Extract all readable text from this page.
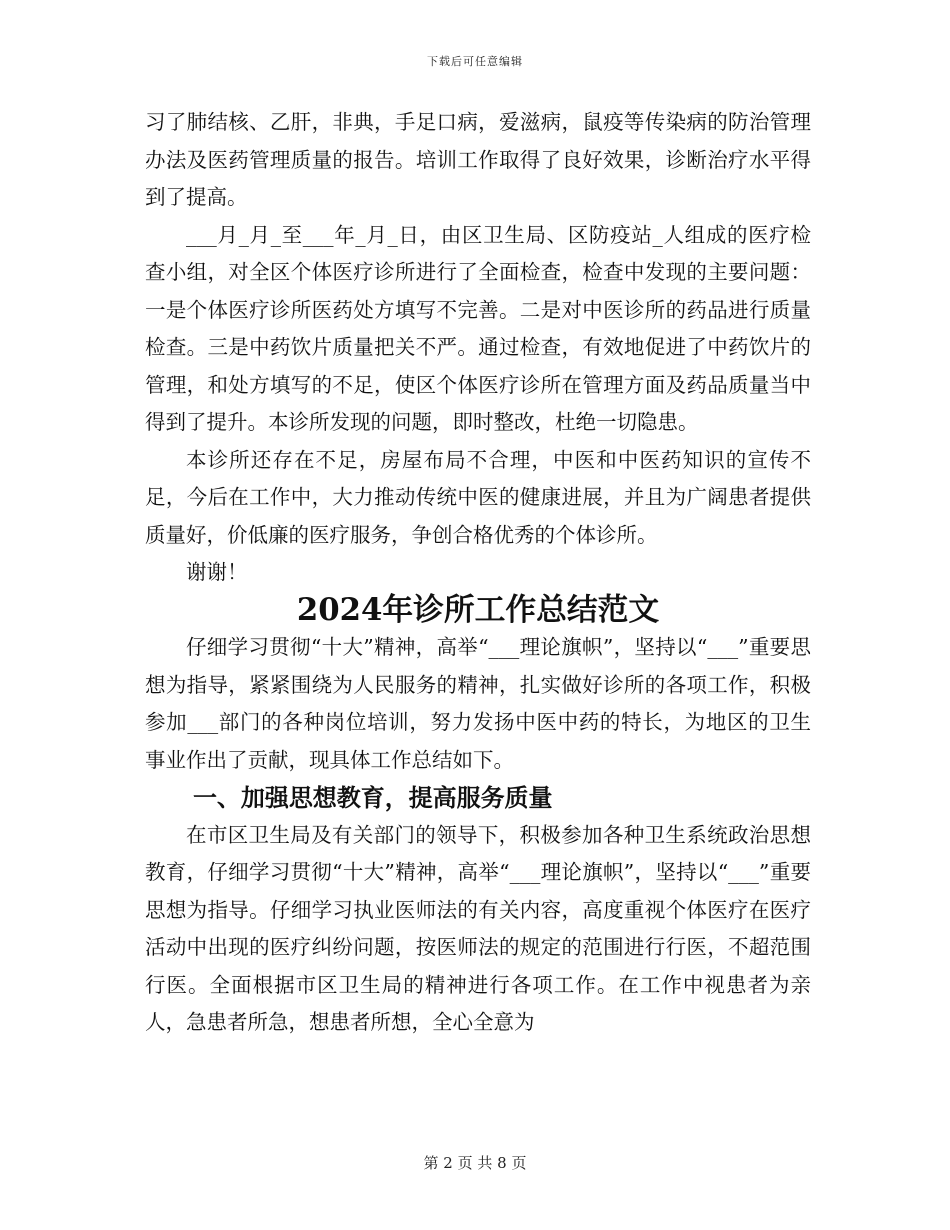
下载后可任意编辑

习了肺结核、乙肝，非典，手足口病，爱滋病，鼠疫等传染病的防治管理办法及医药管理质量的报告。培训工作取得了良好效果，诊断治疗水平得到了提高。

___月_月_至___年_月_日，由区卫生局、区防疫站_人组成的医疗检查小组，对全区个体医疗诊所进行了全面检查，检查中发现的主要问题：一是个体医疗诊所医药处方填写不完善。二是对中医诊所的药品进行质量检查。三是中药饮片质量把关不严。通过检查，有效地促进了中药饮片的管理，和处方填写的不足，使区个体医疗诊所在管理方面及药品质量当中得到了提升。本诊所发现的问题，即时整改，杜绝一切隐患。

本诊所还存在不足，房屋布局不合理，中医和中医药知识的宣传不足，今后在工作中，大力推动传统中医的健康进展，并且为广阔患者提供质量好，价低廉的医疗服务，争创合格优秀的个体诊所。

谢谢！

2024年诊所工作总结范文

仔细学习贯彻“十大”精神，高举“___理论旗帜”，坚持以“___”重要思想为指导，紧紧围绕为人民服务的精神，扎实做好诊所的各项工作，积极参加___部门的各种岗位培训，努力发扬中医中药的特长，为地区的卫生事业作出了贡献，现具体工作总结如下。

一、加强思想教育，提高服务质量

在市区卫生局及有关部门的领导下，积极参加各种卫生系统政治思想教育，仔细学习贯彻“十大”精神，高举“___理论旗帜”，坚持以“___”重要思想为指导。仔细学习执业医师法的有关内容，高度重视个体医疗在医疗活动中出现的医疗纠纷问题，按医师法的规定的范围进行行医，不超范围行医。全面根据市区卫生局的精神进行各项工作。在工作中视患者为亲人，急患者所急，想患者所想，全心全意为

第 2 页 共 8 页
